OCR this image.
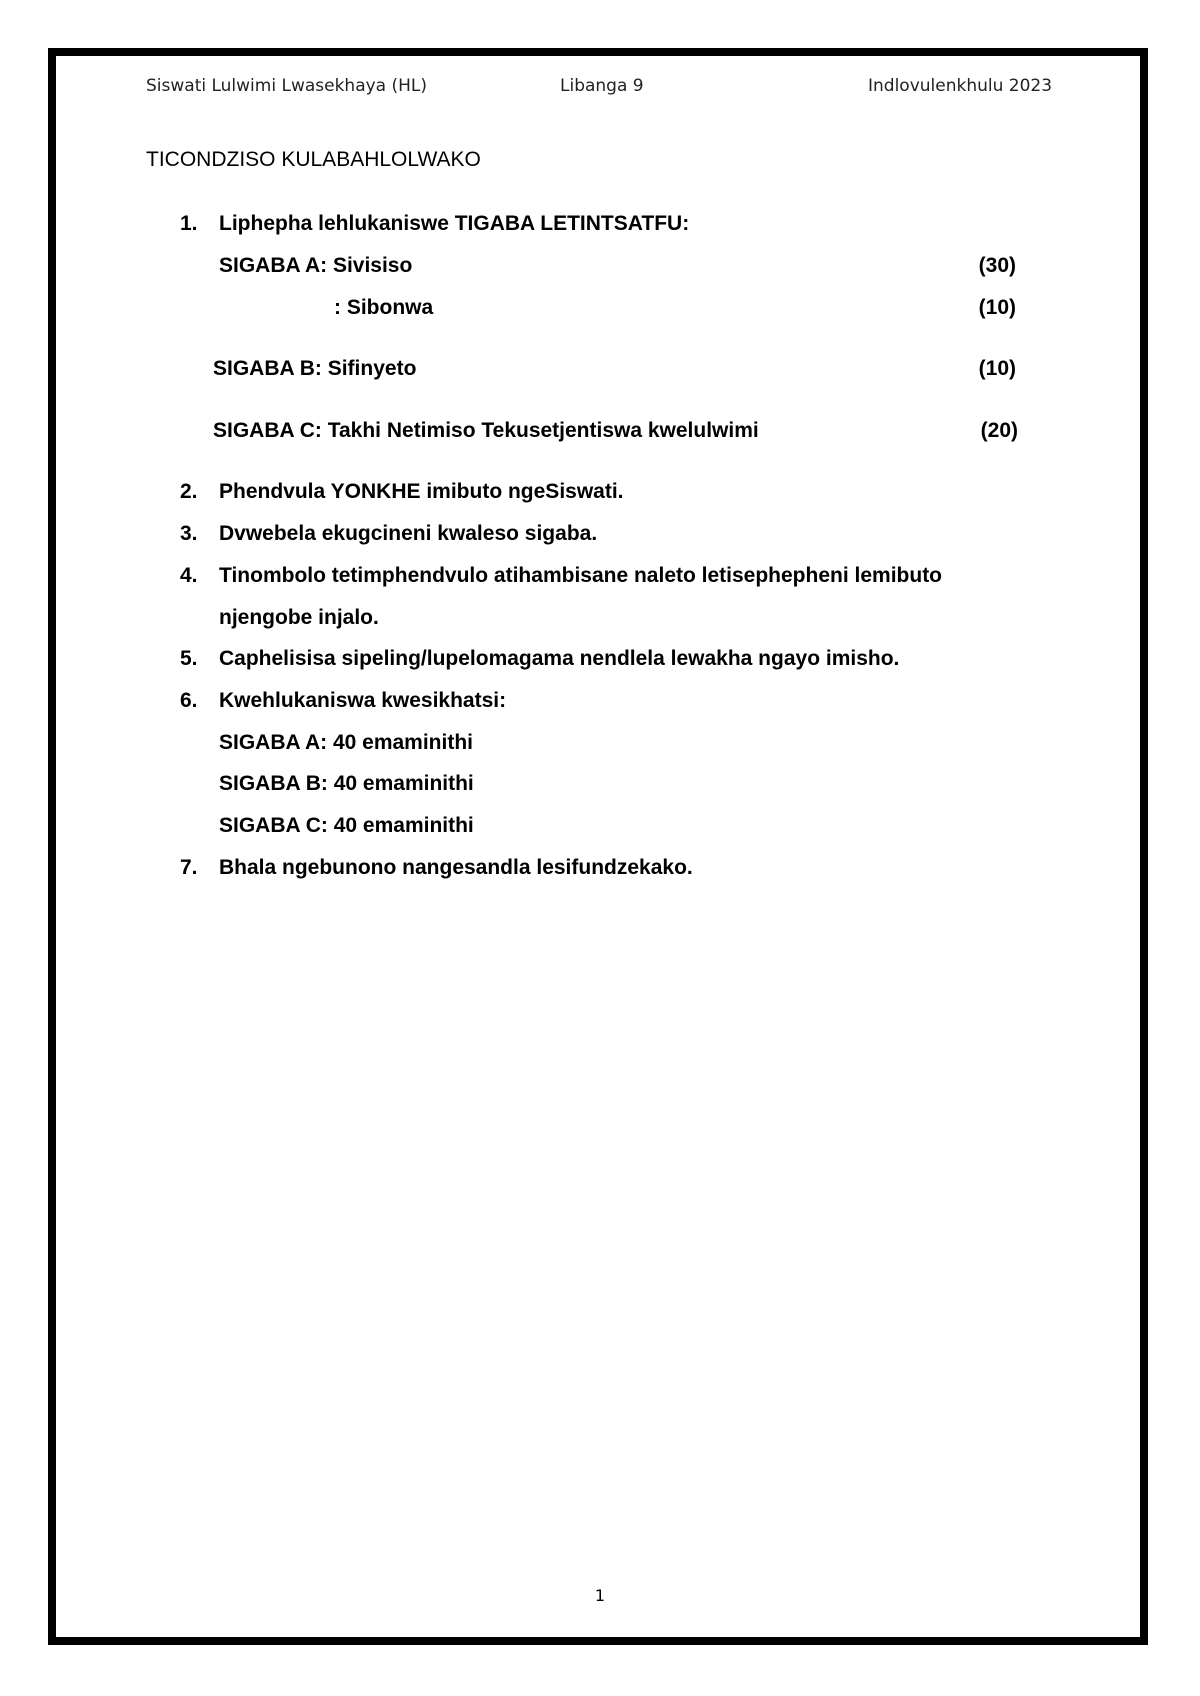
Siswati Lulwimi Lwasekhaya (HL)	Libanga 9	Indlovulenkhulu 2023
TICONDZISO KULABAHLOLWAKO
1. Liphepha lehlukaniswe TIGABA LETINTSATFU:
SIGABA A: Sivisiso	(30)
: Sibonwa	(10)
SIGABA B: Sifinyeto	(10)
SIGABA C: Takhi Netimiso Tekusetjentiswa kwelulwimi	(20)
2. Phendvula YONKHE imibuto ngeSiswati.
3. Dvwebela ekugcineni kwaleso sigaba.
4. Tinombolo tetimphendvulo atihambisane naleto letisephepheni lemibuto
njengobe injalo.
5. Caphelisisa sipeling/lupelomagama nendlela lewakha ngayo imisho.
6. Kwehlukaniswa kwesikhatsi:
SIGABA A: 40 emaminithi
SIGABA B: 40 emaminithi
SIGABA C: 40 emaminithi
7. Bhala ngebunono nangesandla lesifundzekako.
1
